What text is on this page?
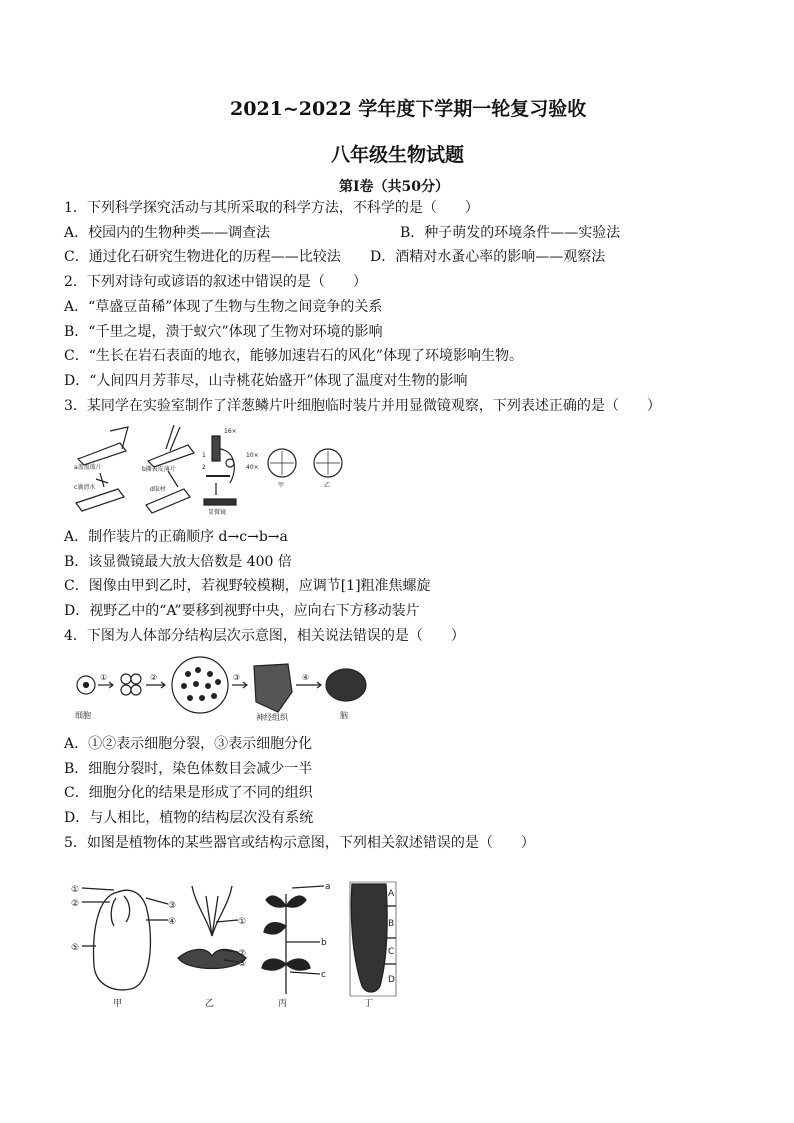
2021~2022 学年度下学期一轮复习验收
八年级生物试题
第Ⅰ卷（共50分）
1．下列科学探究活动与其所采取的科学方法，不科学的是（　　）
A．校园内的生物种类——调查法	B．种子萌发的环境条件——实验法
C．通过化石研究生物进化的历程——比较法 D．酒精对水蚤心率的影响——观察法
2．下列对诗句或谚语的叙述中错误的是（　　）
A．“草盛豆苗稀”体现了生物与生物之间竞争的关系
B．“千里之堤，溃于蚁穴”体现了生物对环境的影响
C．“生长在岩石表面的地衣，能够加速岩石的风化”体现了环境影响生物。
D．“人间四月芳菲尽，山寺桃花始盛开”体现了温度对生物的影响
3．某同学在实验室制作了洋葱鳞片叶细胞临时装片并用显微镜观察，下列表述正确的是（　　）
a盖盖玻片	b撕表皮薄片
c滴清水	d取材
显微镜
甲	乙
16×
10×
40×
1
2
A．制作装片的正确顺序 d→c→b→a
B．该显微镜最大放大倍数是 400 倍
C．图像由甲到乙时，若视野较模糊，应调节[1]粗准焦螺旋
D．视野乙中的“A”要移到视野中央，应向右下方移动装片
4．下图为人体部分结构层次示意图，相关说法错误的是（　　）
细胞	神经组织	脑
①	②	③	④
A．①②表示细胞分裂，③表示细胞分化
B．细胞分裂时，染色体数目会减少一半
C．细胞分化的结果是形成了不同的组织
D．与人相比，植物的结构层次没有系统
5．如图是植物体的某些器官或结构示意图，下列相关叙述错误的是（　　）
甲	乙	丙	丁
①
②	③
④
⑤
①
②
③
a
b
c
A
B
C
D
